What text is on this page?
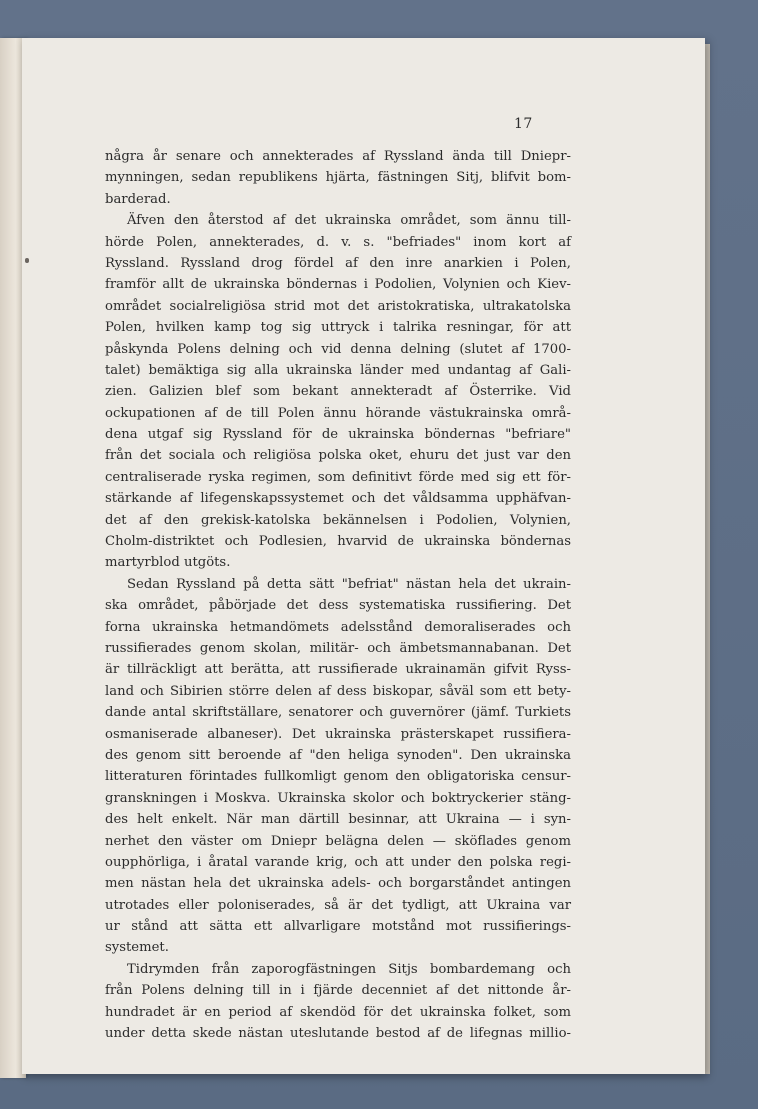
17
några år senare och annekterades af Ryssland ända till Dniepr-
mynningen, sedan republikens hjärta, fästningen Sitj, blifvit bom-
barderad.
Äfven den återstod af det ukrainska området, som ännu till-
hörde Polen, annekterades, d. v. s. "befriades" inom kort af
Ryssland. Ryssland drog fördel af den inre anarkien i Polen,
framför allt de ukrainska böndernas i Podolien, Volynien och Kiev-
området socialreligiösa strid mot det aristokratiska, ultrakatolska
Polen, hvilken kamp tog sig uttryck i talrika resningar, för att
påskynda Polens delning och vid denna delning (slutet af 1700-
talet) bemäktiga sig alla ukrainska länder med undantag af Gali-
zien. Galizien blef som bekant annekteradt af Österrike. Vid
ockupationen af de till Polen ännu hörande västukrainska områ-
dena utgaf sig Ryssland för de ukrainska böndernas "befriare"
från det sociala och religiösa polska oket, ehuru det just var den
centraliserade ryska regimen, som definitivt förde med sig ett för-
stärkande af lifegenskapssystemet och det våldsamma upphäfvan-
det af den grekisk-katolska bekännelsen i Podolien, Volynien,
Cholm-distriktet och Podlesien, hvarvid de ukrainska böndernas
martyrblod utgöts.
Sedan Ryssland på detta sätt "befriat" nästan hela det ukrain-
ska området, påbörjade det dess systematiska russifiering. Det
forna ukrainska hetmandömets adelsstånd demoraliserades och
russifierades genom skolan, militär- och ämbetsmannabanan. Det
är tillräckligt att berätta, att russifierade ukrainamän gifvit Ryss-
land och Sibirien större delen af dess biskopar, såväl som ett bety-
dande antal skriftställare, senatorer och guvernörer (jämf. Turkiets
osmaniserade albaneser). Det ukrainska prästerskapet russifiera-
des genom sitt beroende af "den heliga synoden". Den ukrainska
litteraturen förintades fullkomligt genom den obligatoriska censur-
granskningen i Moskva. Ukrainska skolor och boktryckerier stäng-
des helt enkelt. När man därtill besinnar, att Ukraina — i syn-
nerhet den väster om Dniepr belägna delen — sköflades genom
oupphörliga, i åratal varande krig, och att under den polska regi-
men nästan hela det ukrainska adels- och borgarståndet antingen
utrotades eller poloniserades, så är det tydligt, att Ukraina var
ur stånd att sätta ett allvarligare motstånd mot russifierings-
systemet.
Tidrymden från zaporogfästningen Sitjs bombardemang och
från Polens delning till in i fjärde decenniet af det nittonde år-
hundradet är en period af skendöd för det ukrainska folket, som
under detta skede nästan uteslutande bestod af de lifegnas millio-
